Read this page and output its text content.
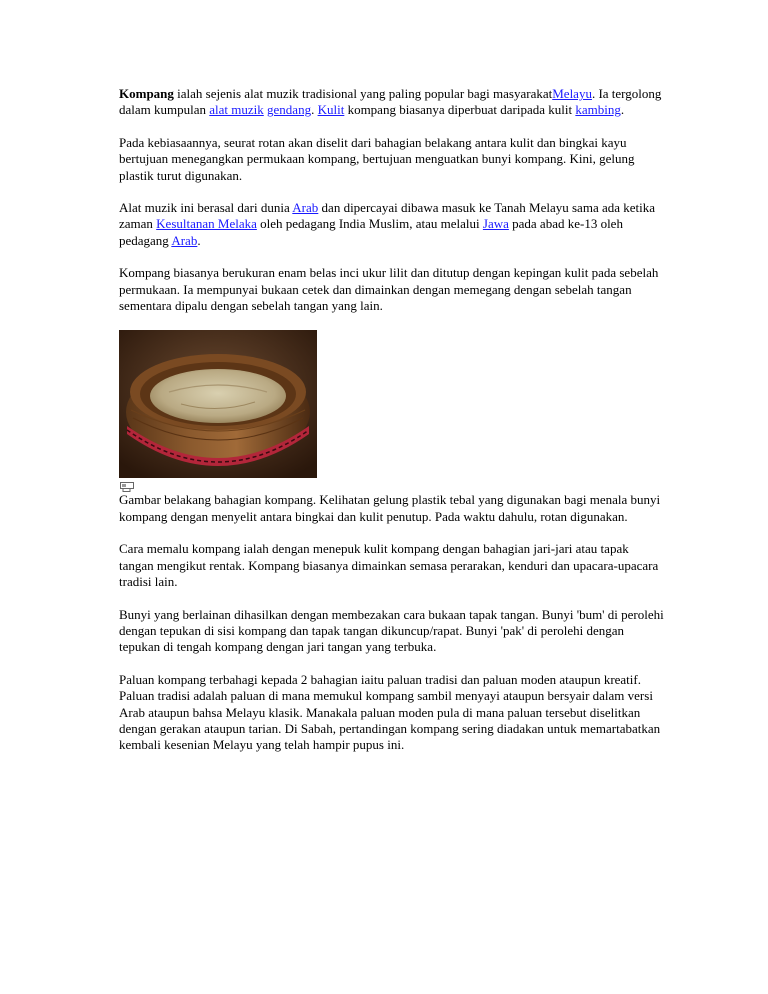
Kompang ialah sejenis alat muzik tradisional yang paling popular bagi masyarakatMelayu. Ia tergolong dalam kumpulan alat muzik gendang. Kulit kompang biasanya diperbuat daripada kulit kambing.

Pada kebiasaannya, seurat rotan akan diselit dari bahagian belakang antara kulit dan bingkai kayu bertujuan menegangkan permukaan kompang, bertujuan menguatkan bunyi kompang. Kini, gelung plastik turut digunakan.

Alat muzik ini berasal dari dunia Arab dan dipercayai dibawa masuk ke Tanah Melayu sama ada ketika zaman Kesultanan Melaka oleh pedagang India Muslim, atau melalui Jawa pada abad ke-13 oleh pedagang Arab.

Kompang biasanya berukuran enam belas inci ukur lilit dan ditutup dengan kepingan kulit pada sebelah permukaan. Ia mempunyai bukaan cetek dan dimainkan dengan memegang dengan sebelah tangan sementara dipalu dengan sebelah tangan yang lain.

Gambar belakang bahagian kompang. Kelihatan gelung plastik tebal yang digunakan bagi menala bunyi kompang dengan menyelit antara bingkai dan kulit penutup. Pada waktu dahulu, rotan digunakan.

Cara memalu kompang ialah dengan menepuk kulit kompang dengan bahagian jari-jari atau tapak tangan mengikut rentak. Kompang biasanya dimainkan semasa perarakan, kenduri dan upacara-upacara tradisi lain.

Bunyi yang berlainan dihasilkan dengan membezakan cara bukaan tapak tangan. Bunyi 'bum' di perolehi dengan tepukan di sisi kompang dan tapak tangan dikuncup/rapat. Bunyi 'pak' di perolehi dengan tepukan di tengah kompang dengan jari tangan yang terbuka.

Paluan kompang terbahagi kepada 2 bahagian iaitu paluan tradisi dan paluan moden ataupun kreatif. Paluan tradisi adalah paluan di mana memukul kompang sambil menyayi ataupun bersyair dalam versi Arab ataupun bahsa Melayu klasik. Manakala paluan moden pula di mana paluan tersebut diselitkan dengan gerakan ataupun tarian. Di Sabah, pertandingan kompang sering diadakan untuk memartabatkan kembali kesenian Melayu yang telah hampir pupus ini.
